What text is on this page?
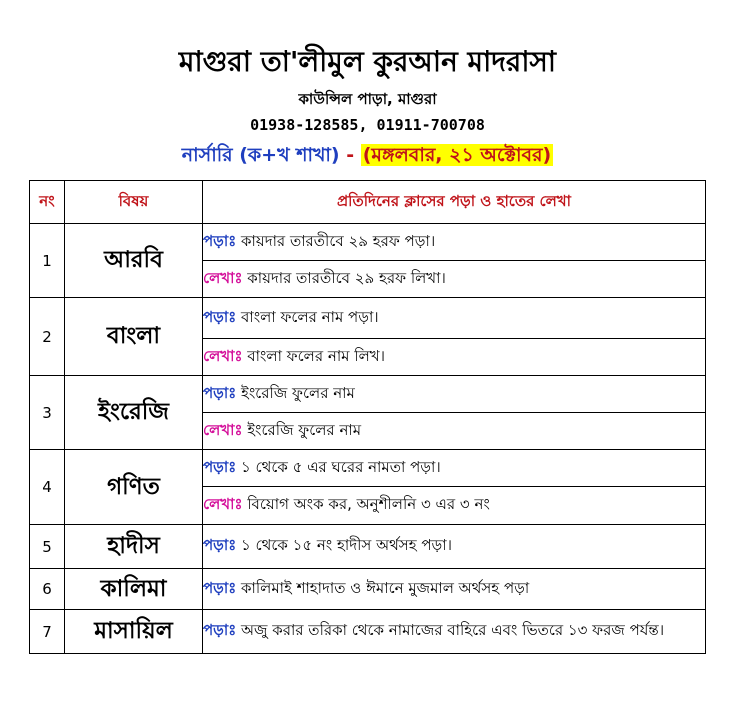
মাগুরা তা'লীমুল কুরআন মাদরাসা
কাউন্সিল পাড়া, মাগুরা
01938-128585, 01911-700708
নার্সারি (ক+খ শাখা) - (মঙ্গলবার, ২১ অক্টোবর)
নং	বিষয়	প্রতিদিনের ক্লাসের পড়া ও হাতের লেখা
1	আরবি	পড়াঃ কায়দার তারতীবে ২৯ হরফ পড়া।
		লেখাঃ কায়দার তারতীবে ২৯ হরফ লিখা।
2	বাংলা	পড়াঃ বাংলা ফলের নাম পড়া।
		লেখাঃ বাংলা ফলের নাম লিখ।
3	ইংরেজি	পড়াঃ ইংরেজি ফুলের নাম
		লেখাঃ ইংরেজি ফুলের নাম
4	গণিত	পড়াঃ ১ থেকে ৫ এর ঘরের নামতা পড়া।
		লেখাঃ বিয়োগ অংক কর, অনুশীলনি ৩ এর ৩ নং
5	হাদীস	পড়াঃ ১ থেকে ১৫ নং হাদীস অর্থসহ পড়া।
6	কালিমা	পড়াঃ কালিমাই শাহাদাত ও ঈমানে মুজমাল অর্থসহ পড়া
7	মাসায়িল	পড়াঃ অজু করার তরিকা থেকে নামাজের বাহিরে এবং ভিতরে ১৩ ফরজ পর্যন্ত।
